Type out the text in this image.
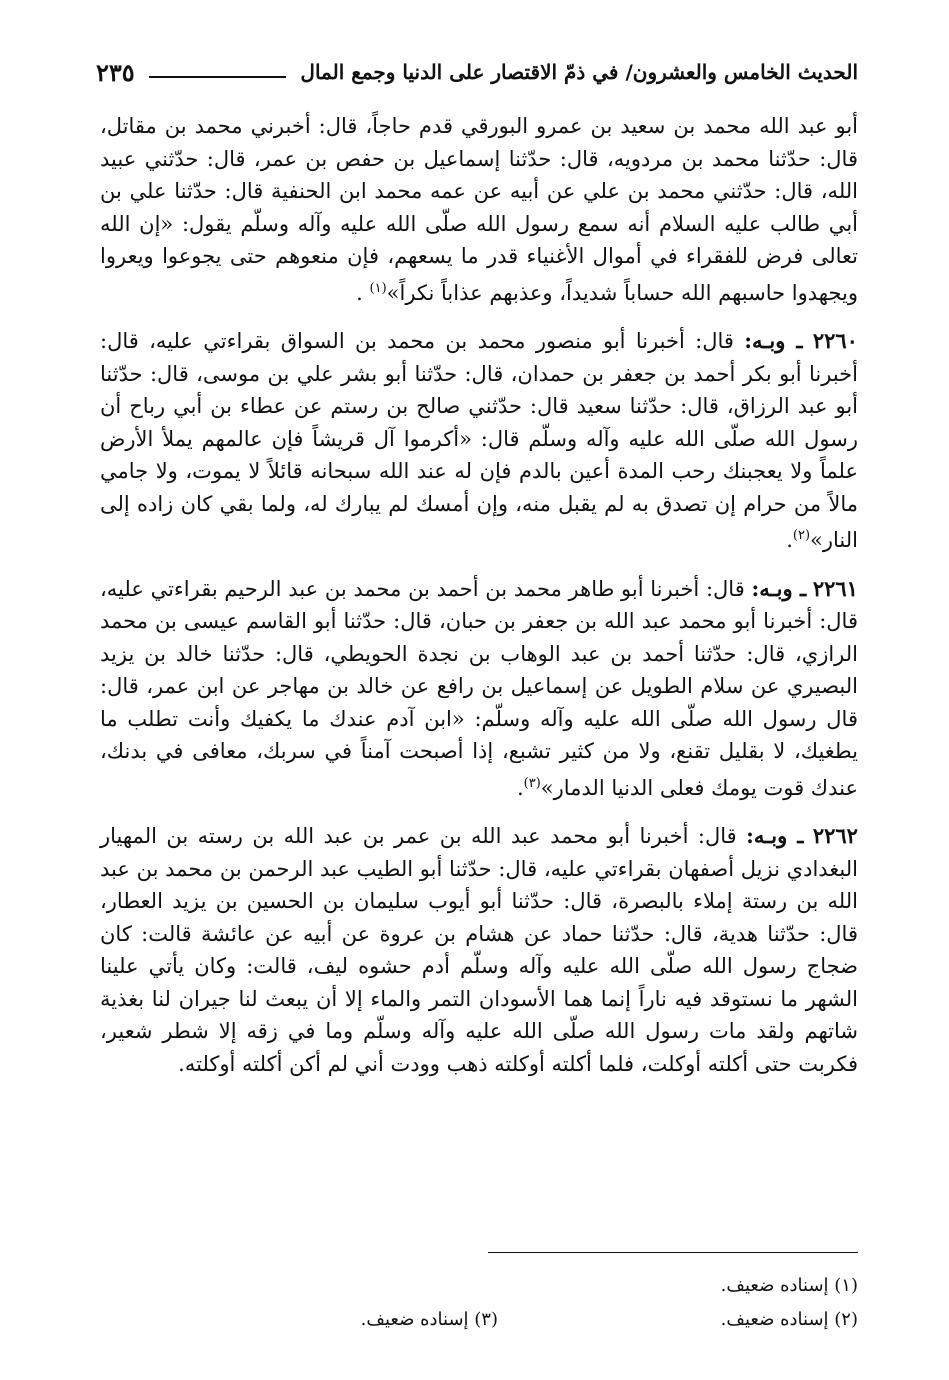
الحديث الخامس والعشرون/ في ذمّ الاقتصار على الدنيا وجمع المال
٢٣٥

أبو عبد الله محمد بن سعيد بن عمرو البورقي قدم حاجاً، قال: أخبرني محمد بن مقاتل، قال: حدّثنا محمد بن مردويه، قال: حدّثنا إسماعيل بن حفص بن عمر، قال: حدّثني عبيد الله، قال: حدّثني محمد بن علي عن أبيه عن عمه محمد ابن الحنفية قال: حدّثنا علي بن أبي طالب عليه السلام أنه سمع رسول الله صلّى الله عليه وآله وسلّم يقول: «إن الله تعالى فرض للفقراء في أموال الأغنياء قدر ما يسعهم، فإن منعوهم حتى يجوعوا ويعروا ويجهدوا حاسبهم الله حساباً شديداً، وعذبهم عذاباً نكراً»$^{(١)}$ .

٢٢٦٠ ـ وبـه: قال: أخبرنا أبو منصور محمد بن محمد بن السواق بقراءتي عليه، قال: أخبرنا أبو بكر أحمد بن جعفر بن حمدان، قال: حدّثنا أبو بشر علي بن موسى، قال: حدّثنا أبو عبد الرزاق، قال: حدّثنا سعيد قال: حدّثني صالح بن رستم عن عطاء بن أبي رباح أن رسول الله صلّى الله عليه وآله وسلّم قال: «أكرموا آل قريشاً فإن عالمهم يملأ الأرض علماً ولا يعجبنك رحب المدة أعين بالدم فإن له عند الله سبحانه قائلاً لا يموت، ولا جامي مالاً من حرام إن تصدق به لم يقبل منه، وإن أمسك لم يبارك له، ولما بقي كان زاده إلى النار»$^{(٢)}$.

٢٢٦١ ـ وبـه: قال: أخبرنا أبو طاهر محمد بن أحمد بن محمد بن عبد الرحيم بقراءتي عليه، قال: أخبرنا أبو محمد عبد الله بن جعفر بن حبان، قال: حدّثنا أبو القاسم عيسى بن محمد الرازي، قال: حدّثنا أحمد بن عبد الوهاب بن نجدة الحويطي، قال: حدّثنا خالد بن يزيد البصيري عن سلام الطويل عن إسماعيل بن رافع عن خالد بن مهاجر عن ابن عمر، قال: قال رسول الله صلّى الله عليه وآله وسلّم: «ابن آدم عندك ما يكفيك وأنت تطلب ما يطغيك، لا بقليل تقنع، ولا من كثير تشبع، إذا أصبحت آمناً في سربك، معافى في بدنك، عندك قوت يومك فعلى الدنيا الدمار»$^{(٣)}$.

٢٢٦٢ ـ وبـه: قال: أخبرنا أبو محمد عبد الله بن عمر بن عبد الله بن رسته بن المهيار البغدادي نزيل أصفهان بقراءتي عليه، قال: حدّثنا أبو الطيب عبد الرحمن بن محمد بن عبد الله بن رستة إملاء بالبصرة، قال: حدّثنا أبو أيوب سليمان بن الحسين بن يزيد العطار، قال: حدّثنا هدية، قال: حدّثنا حماد عن هشام بن عروة عن أبيه عن عائشة قالت: كان ضجاج رسول الله صلّى الله عليه وآله وسلّم أدم حشوه ليف، قالت: وكان يأتي علينا الشهر ما نستوقد فيه ناراً إنما هما الأسودان التمر والماء إلا أن يبعث لنا جيران لنا بغذية شاتهم ولقد مات رسول الله صلّى الله عليه وآله وسلّم وما في زقه إلا شطر شعير، فكربت حتى أكلته أوكلت، فلما أكلته أوكلته ذهب وودت أني لم أكن أكلته أوكلته.

(١) إسناده ضعيف.
(٢) إسناده ضعيف.
(٣) إسناده ضعيف.
